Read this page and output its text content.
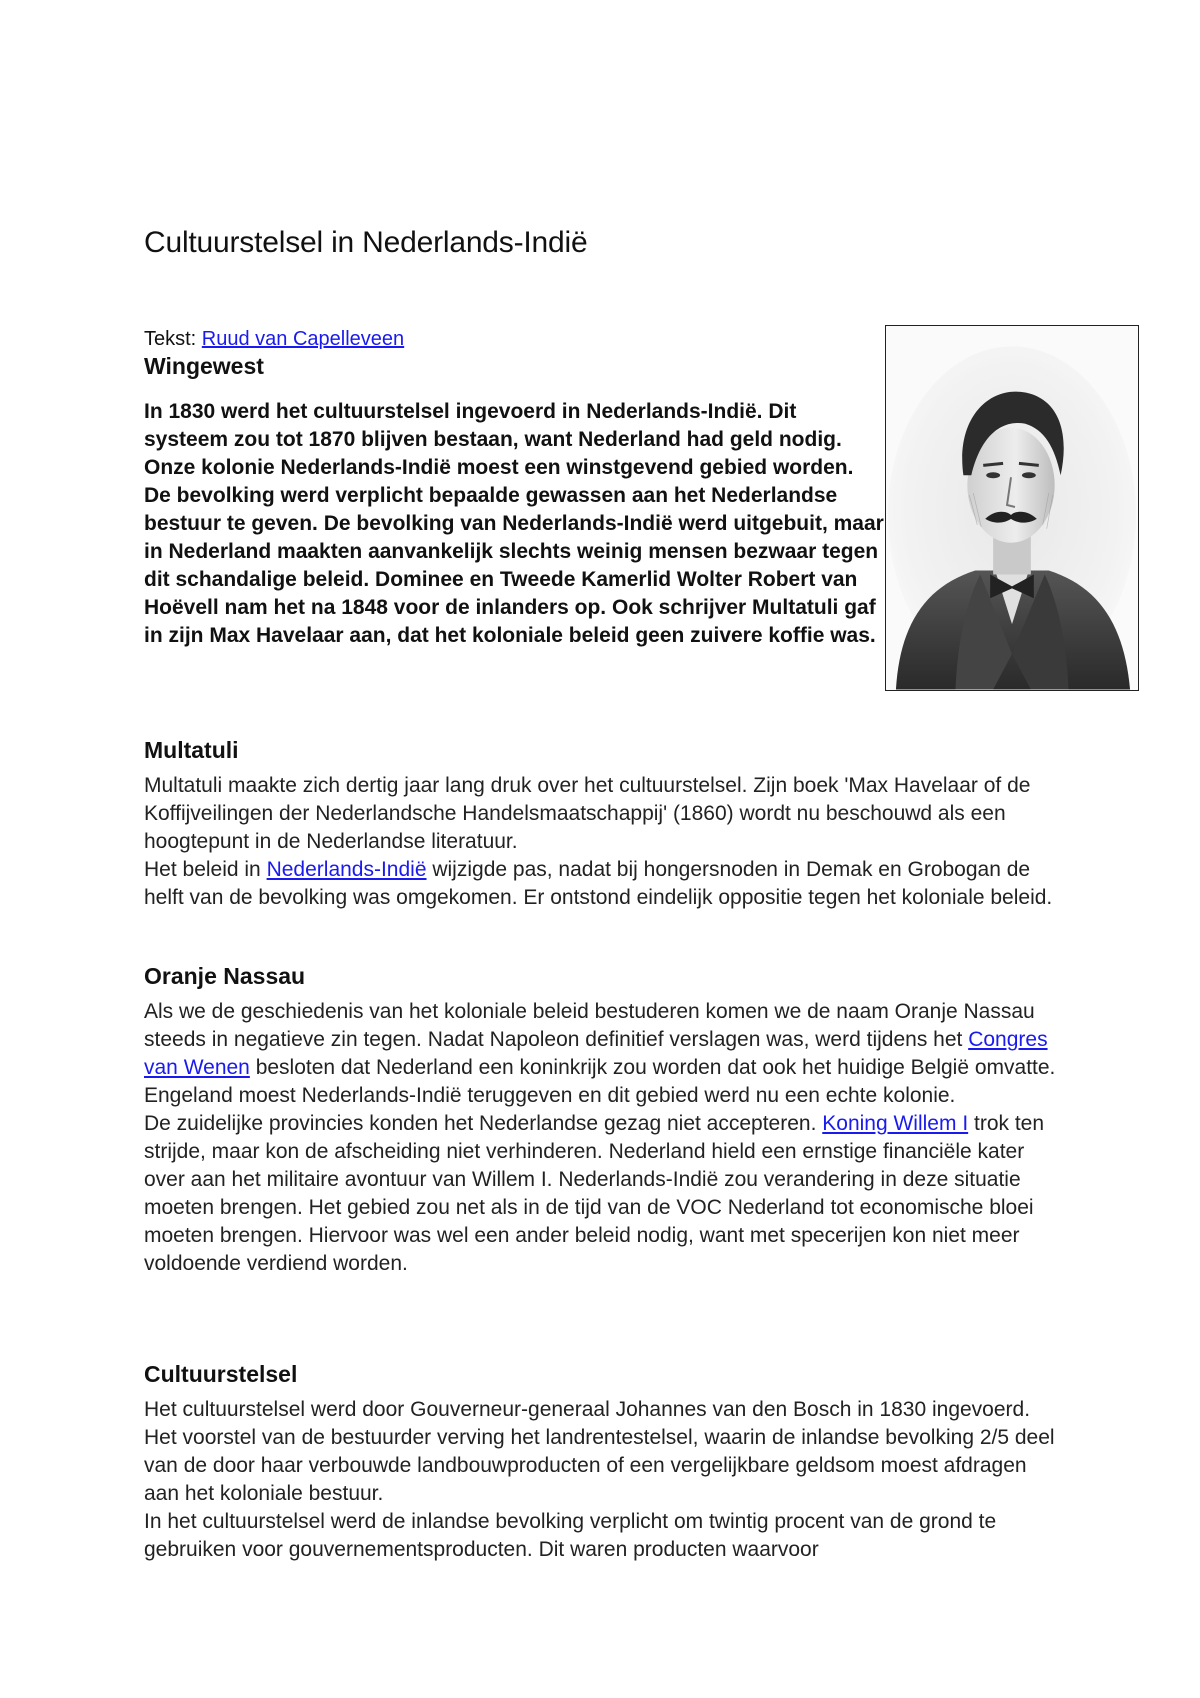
Cultuurstelsel in Nederlands-Indië
Tekst: Ruud van Capelleveen
Wingewest

In 1830 werd het cultuurstelsel ingevoerd in Nederlands-Indië. Dit systeem zou tot 1870 blijven bestaan, want Nederland had geld nodig. Onze kolonie Nederlands-Indië moest een winstgevend gebied worden. De bevolking werd verplicht bepaalde gewassen aan het Nederlandse bestuur te geven. De bevolking van Nederlands-Indië werd uitgebuit, maar in Nederland maakten aanvankelijk slechts weinig mensen bezwaar tegen dit schandalige beleid. Dominee en Tweede Kamerlid Wolter Robert van Hoëvell nam het na 1848 voor de inlanders op. Ook schrijver Multatuli gaf in zijn Max Havelaar aan, dat het koloniale beleid geen zuivere koffie was.

Multatuli

Multatuli maakte zich dertig jaar lang druk over het cultuurstelsel. Zijn boek 'Max Havelaar of de Koffijveilingen der Nederlandsche Handelsmaatschappij' (1860) wordt nu beschouwd als een hoogtepunt in de Nederlandse literatuur.

Het beleid in Nederlands-Indië wijzigde pas, nadat bij hongersnoden in Demak en Grobogan de helft van de bevolking was omgekomen. Er ontstond eindelijk oppositie tegen het koloniale beleid.

Oranje Nassau

Als we de geschiedenis van het koloniale beleid bestuderen komen we de naam Oranje Nassau steeds in negatieve zin tegen. Nadat Napoleon definitief verslagen was, werd tijdens het Congres van Wenen besloten dat Nederland een koninkrijk zou worden dat ook het huidige België omvatte. Engeland moest Nederlands-Indië teruggeven en dit gebied werd nu een echte kolonie.

De zuidelijke provincies konden het Nederlandse gezag niet accepteren. Koning Willem I trok ten strijde, maar kon de afscheiding niet verhinderen. Nederland hield een ernstige financiële kater over aan het militaire avontuur van Willem I. Nederlands-Indië zou verandering in deze situatie moeten brengen. Het gebied zou net als in de tijd van de VOC Nederland tot economische bloei moeten brengen. Hiervoor was wel een ander beleid nodig, want met specerijen kon niet meer voldoende verdiend worden.

Cultuurstelsel

Het cultuurstelsel werd door Gouverneur-generaal Johannes van den Bosch in 1830 ingevoerd. Het voorstel van de bestuurder verving het landrentestelsel, waarin de inlandse bevolking 2/5 deel van de door haar verbouwde landbouwproducten of een vergelijkbare geldsom moest afdragen aan het koloniale bestuur.

In het cultuurstelsel werd de inlandse bevolking verplicht om twintig procent van de grond te gebruiken voor gouvernementsproducten. Dit waren producten waarvoor
